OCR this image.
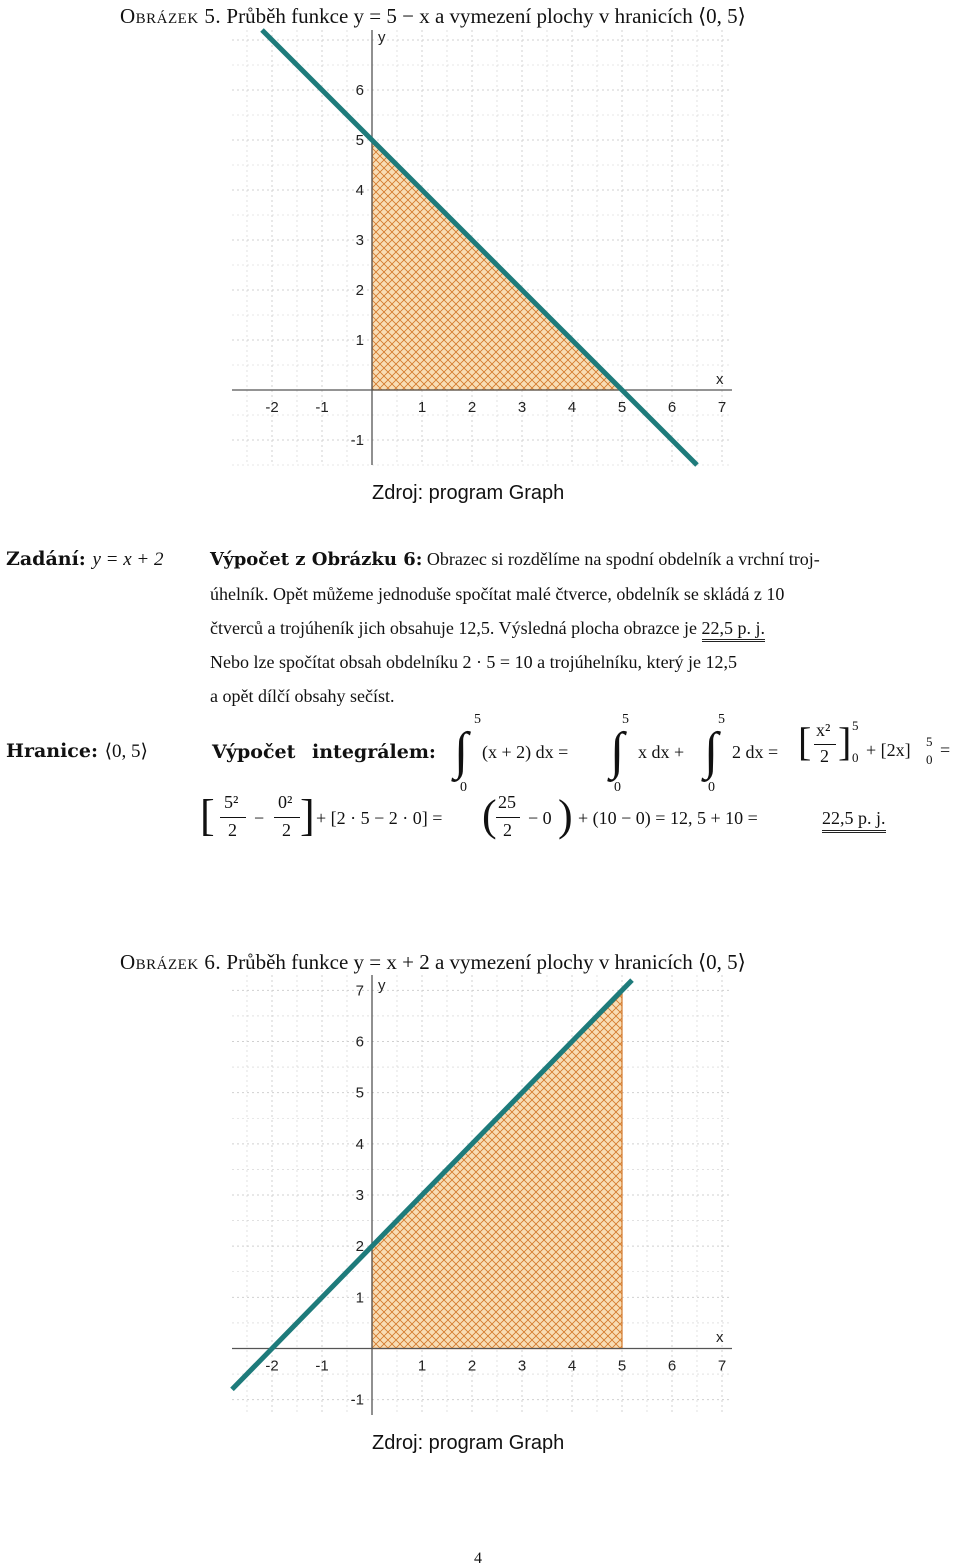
Obrázek 5. Průběh funkce y = 5 − x a vymezení plochy v hranicích ⟨0, 5⟩
-2 -1	1	2	3	4	5	6	7
6
5
4
3
2
1
-1
x
y
Zdroj: program Graph
Zadání: y = x + 2	Výpočet z Obrázku 6: Obrazec si rozdělíme na spodní obdelník a vrchní troj-
úhelník. Opět můžeme jednoduše spočítat malé čtverce, obdelník se skládá z 10
čtverců a trojúheník jich obsahuje 12,5. Výsledná plocha obrazce je 22,5 p. j.
Nebo lze spočítat obsah obdelníku 2 · 5 = 10 a trojúhelníku, který je 12,5
a opět dílčí obsahy sečíst.
Hranice: ⟨0, 5⟩	Výpočet integrálem:
5
∫
0
(x + 2) dx =
5
∫
0
x dx +
5
∫
0
2 dx = [ x²
2 ] 5
0 + [2x] 5
0 =
[ 5²
2
−
0²
2 ] + [2 · 5 − 2 · 0] = ( 25
2
− 0 ) + (10 − 0) = 12, 5 + 10 =	22,5 p. j.
Obrázek 6. Průběh funkce y = x + 2 a vymezení plochy v hranicích ⟨0, 5⟩
-2 -1	1	2	3	4	5	6	7
7
6
5
4
3
2
1
-1
x
y
Zdroj: program Graph
4
